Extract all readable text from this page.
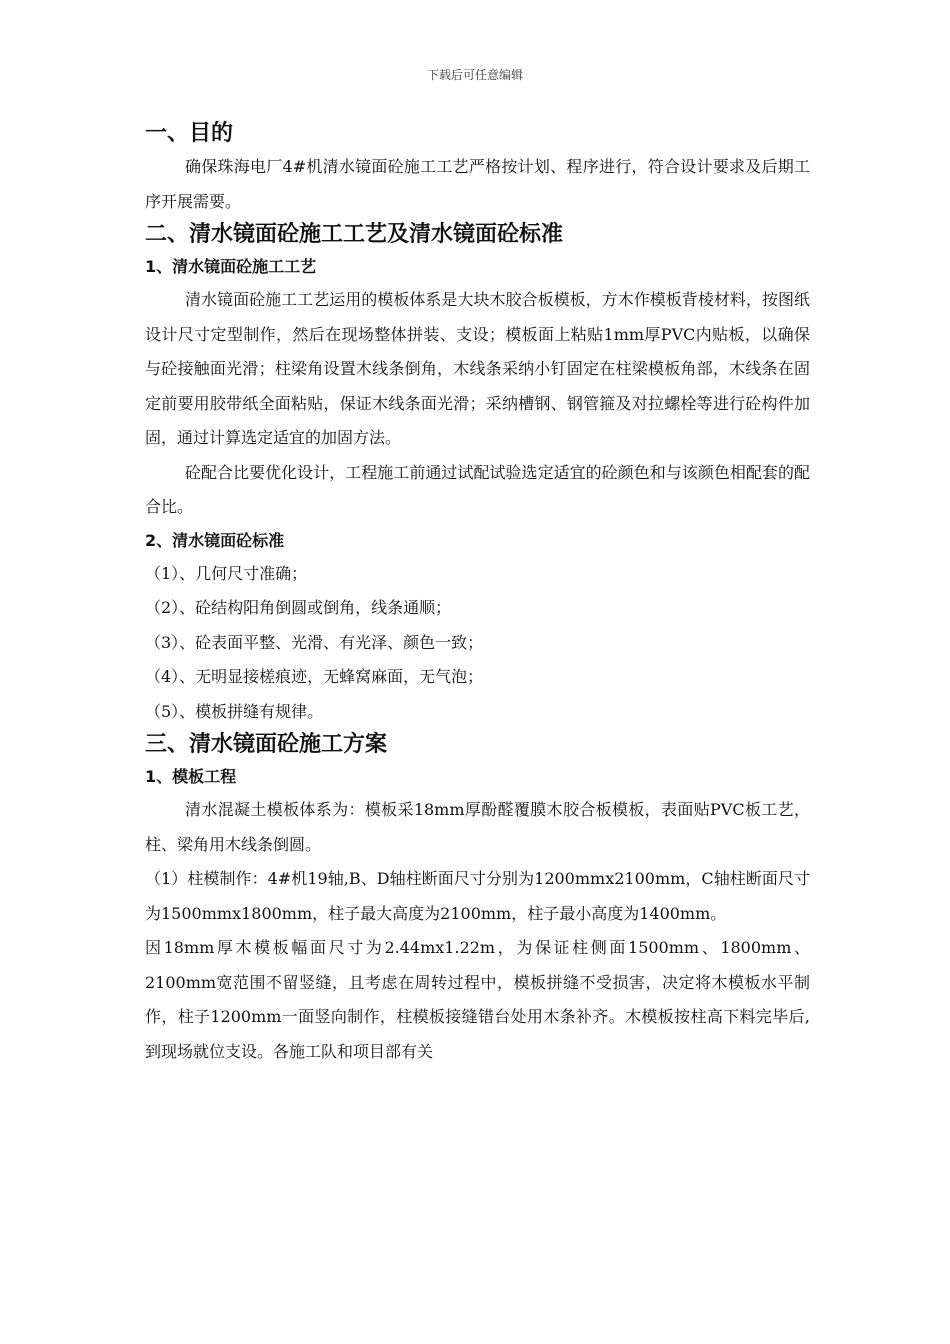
下载后可任意编辑
一、目的

确保珠海电厂4#机清水镜面砼施工工艺严格按计划、程序进行，符合设计要求及后期工序开展需要。

二、清水镜面砼施工工艺及清水镜面砼标准
1、清水镜面砼施工工艺

清水镜面砼施工工艺运用的模板体系是大块木胶合板模板，方木作模板背棱材料，按图纸设计尺寸定型制作，然后在现场整体拼装、支设；模板面上粘贴1mm厚PVC内贴板，以确保与砼接触面光滑；柱梁角设置木线条倒角，木线条采纳小钉固定在柱梁模板角部，木线条在固定前要用胶带纸全面粘贴，保证木线条面光滑；采纳槽钢、钢管箍及对拉螺栓等进行砼构件加固，通过计算选定适宜的加固方法。

砼配合比要优化设计，工程施工前通过试配试验选定适宜的砼颜色和与该颜色相配套的配合比。

2、清水镜面砼标准

（1）、几何尺寸准确；

（2）、砼结构阳角倒圆或倒角，线条通顺；

（3）、砼表面平整、光滑、有光泽、颜色一致；

（4）、无明显接槎痕迹，无蜂窝麻面，无气泡；

（5）、模板拼缝有规律。

三、清水镜面砼施工方案
1、模板工程

清水混凝土模板体系为：模板采18mm厚酚醛覆膜木胶合板模板，表面贴PVC板工艺，柱、梁角用木线条倒圆。

（1）柱模制作：4#机19轴,B、D轴柱断面尺寸分别为1200mmx2100mm，C轴柱断面尺寸为1500mmx1800mm，柱子最大高度为2100mm，柱子最小高度为1400mm。

因18mm厚木模板幅面尺寸为2.44mx1.22m，为保证柱侧面1500mm、1800mm、2100mm宽范围不留竖缝，且考虑在周转过程中，模板拼缝不受损害，决定将木模板水平制作，柱子1200mm一面竖向制作，柱模板接缝错台处用木条补齐。木模板按柱高下料完毕后,到现场就位支设。各施工队和项目部有关
